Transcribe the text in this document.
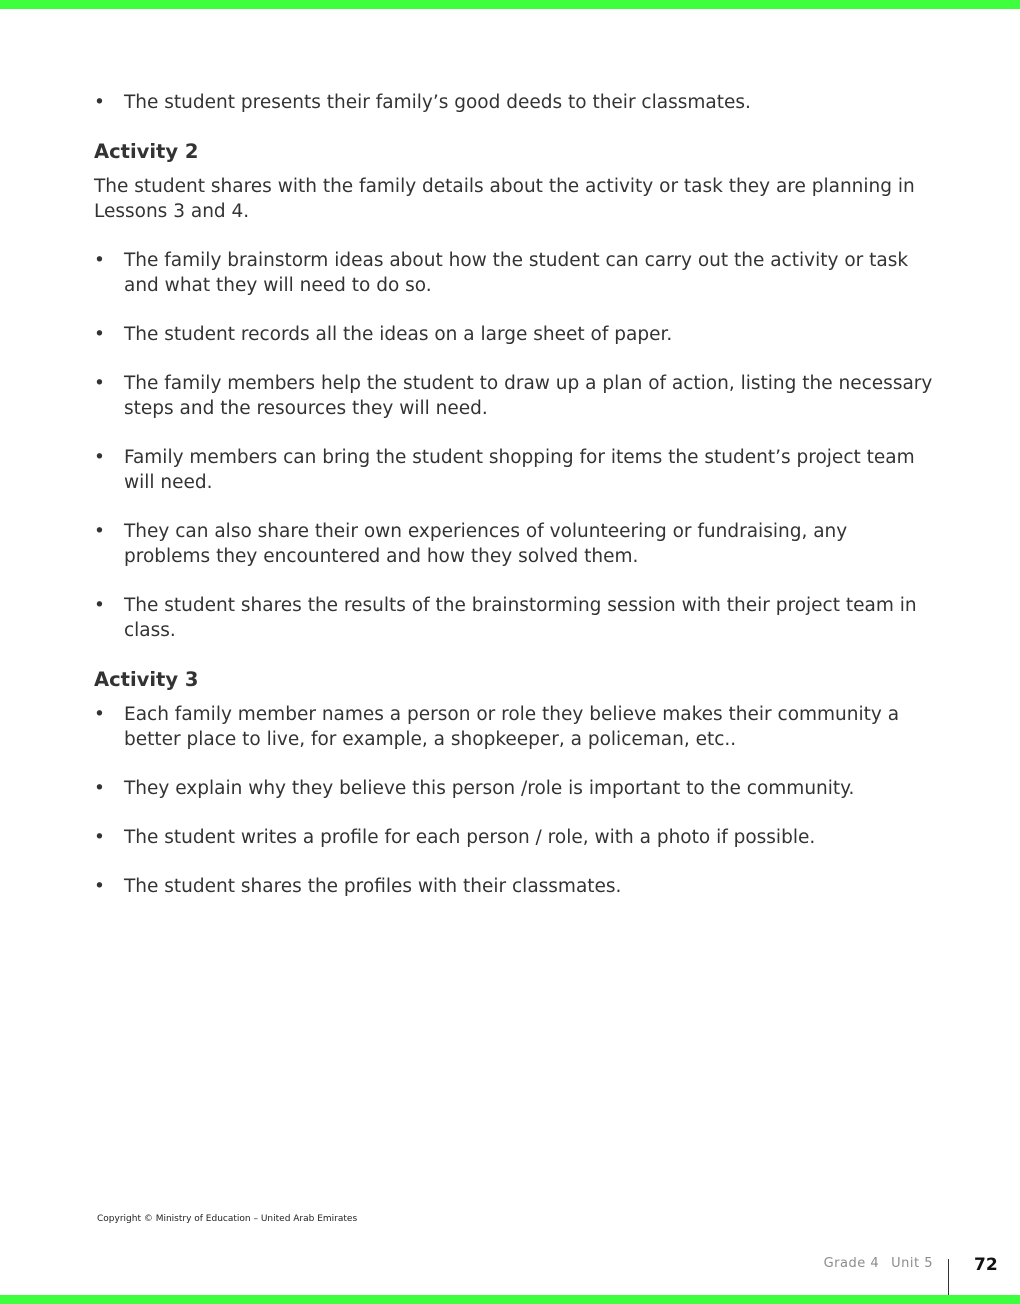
• The student presents their family’s good deeds to their classmates.
Activity 2

The student shares with the family details about the activity or task they are planning in Lessons 3 and 4.

• The family brainstorm ideas about how the student can carry out the activity or task and what they will need to do so.
• The student records all the ideas on a large sheet of paper.
• The family members help the student to draw up a plan of action, listing the necessary steps and the resources they will need.
• Family members can bring the student shopping for items the student’s project team will need.
• They can also share their own experiences of volunteering or fundraising, any problems they encountered and how they solved them.
• The student shares the results of the brainstorming session with their project team in class.
Activity 3
• Each family member names a person or role they believe makes their community a better place to live, for example, a shopkeeper, a policeman, etc..
• They explain why they believe this person /role is important to the community.
• The student writes a profile for each person / role, with a photo if possible.
• The student shares the profiles with their classmates.
Copyright © Ministry of Education – United Arab Emirates
Grade 4 Unit 5 72
